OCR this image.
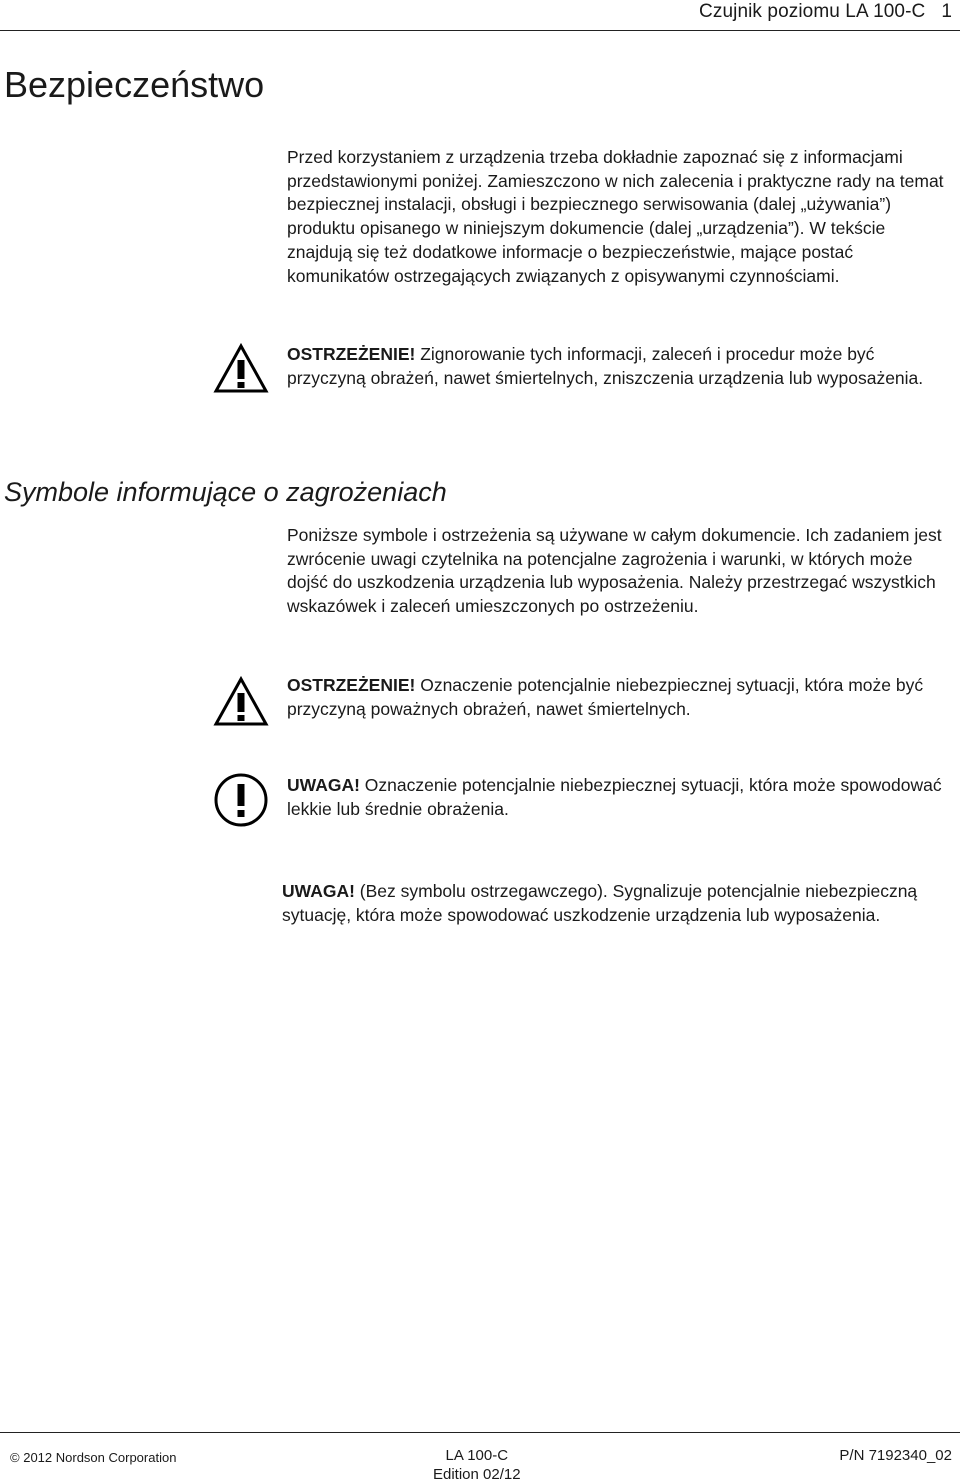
Czujnik poziomu LA 100-C 1
Bezpieczeństwo

Przed korzystaniem z urządzenia trzeba dokładnie zapoznać się z informacjami przedstawionymi poniżej. Zamieszczono w nich zalecenia i praktyczne rady na temat bezpiecznej instalacji, obsługi i bezpiecznego serwisowania (dalej „używania”) produktu opisanego w niniejszym dokumencie (dalej „urządzenia”). W tekście znajdują się też dodatkowe informacje o bezpieczeństwie, mające postać komunikatów ostrzegających związanych z opisywanymi czynnościami.

OSTRZEŻENIE! Zignorowanie tych informacji, zaleceń i procedur może być przyczyną obrażeń, nawet śmiertelnych, zniszczenia urządzenia lub wyposażenia.

Symbole informujące o zagrożeniach

Poniższe symbole i ostrzeżenia są używane w całym dokumencie. Ich zadaniem jest zwrócenie uwagi czytelnika na potencjalne zagrożenia i warunki, w których może dojść do uszkodzenia urządzenia lub wyposażenia. Należy przestrzegać wszystkich wskazówek i zaleceń umieszczonych po ostrzeżeniu.

OSTRZEŻENIE! Oznaczenie potencjalnie niebezpiecznej sytuacji, która może być przyczyną poważnych obrażeń, nawet śmiertelnych.

UWAGA! Oznaczenie potencjalnie niebezpiecznej sytuacji, która może spowodować lekkie lub średnie obrażenia.

UWAGA! (Bez symbolu ostrzegawczego). Sygnalizuje potencjalnie niebezpieczną sytuację, która może spowodować uszkodzenie urządzenia lub wyposażenia.

© 2012 Nordson Corporation	LA 100-C
Edition 02/12
P/N 7192340_02
